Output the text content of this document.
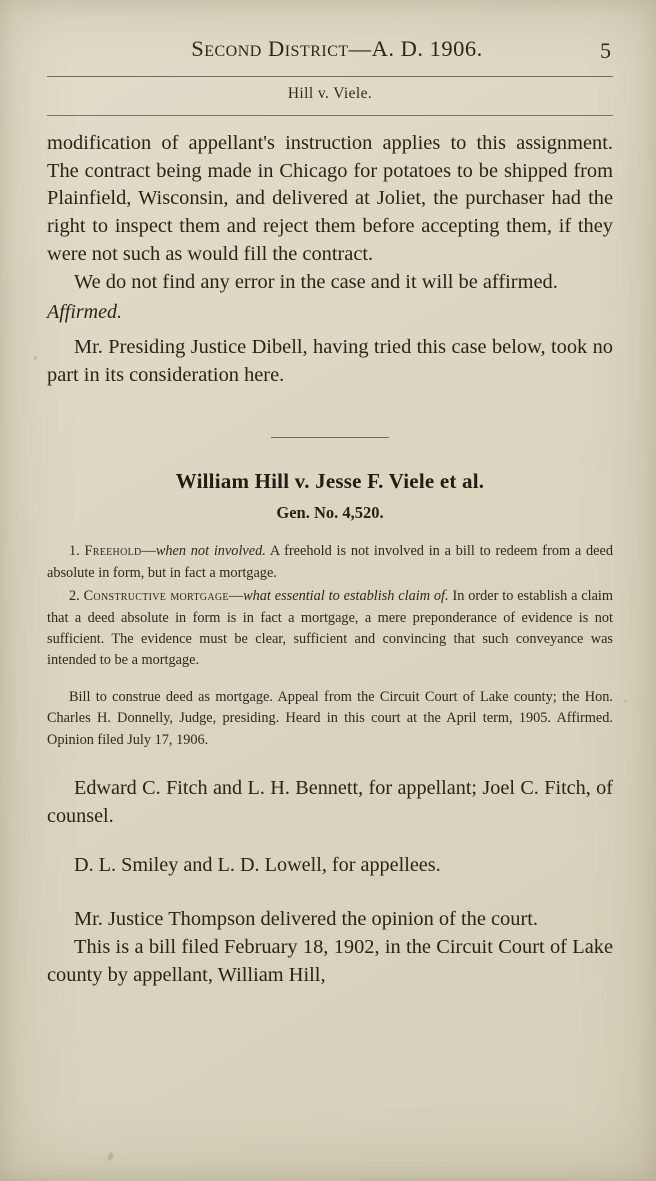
Second District—A. D. 1906.	5
Hill v. Viele.

modification of appellant's instruction applies to this assignment. The contract being made in Chicago for potatoes to be shipped from Plainfield, Wisconsin, and delivered at Joliet, the purchaser had the right to inspect them and reject them before accepting them, if they were not such as would fill the contract.

We do not find any error in the case and it will be affirmed.

Affirmed.

Mr. Presiding Justice Dibell, having tried this case below, took no part in its consideration here.

William Hill v. Jesse F. Viele et al.
Gen. No. 4,520.

1. Freehold—when not involved. A freehold is not involved in a bill to redeem from a deed absolute in form, but in fact a mortgage.

2. Constructive mortgage—what essential to establish claim of. In order to establish a claim that a deed absolute in form is in fact a mortgage, a mere preponderance of evidence is not sufficient. The evidence must be clear, sufficient and convincing that such conveyance was intended to be a mortgage.

Bill to construe deed as mortgage. Appeal from the Circuit Court of Lake county; the Hon. Charles H. Donnelly, Judge, presiding. Heard in this court at the April term, 1905. Affirmed. Opinion filed July 17, 1906.

Edward C. Fitch and L. H. Bennett, for appellant; Joel C. Fitch, of counsel.

D. L. Smiley and L. D. Lowell, for appellees.

Mr. Justice Thompson delivered the opinion of the court.

This is a bill filed February 18, 1902, in the Circuit Court of Lake county by appellant, William Hill,
